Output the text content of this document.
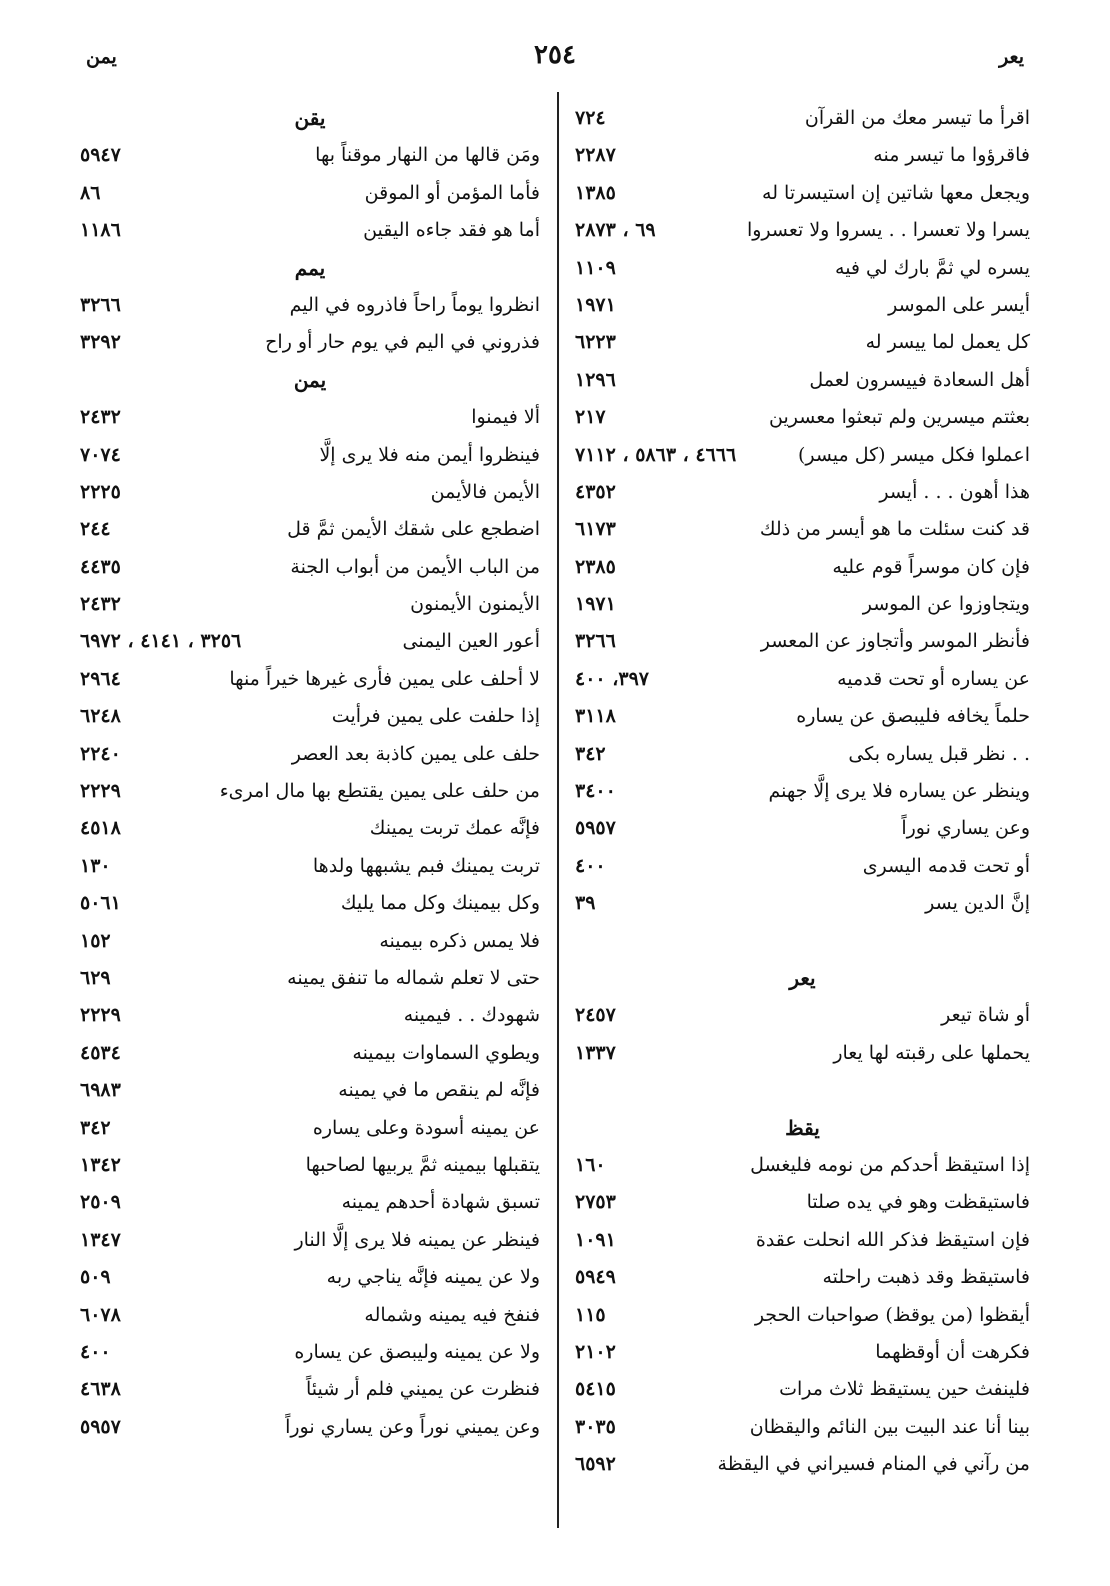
يمن	٢٥٤	يعر
اقرأ ما تيسر معك من القرآن
٧٢٤
فاقرؤوا ما تيسر منه
٢٢٨٧
ويجعل معها شاتين إن استيسرتا له
١٣٨٥
يسرا ولا تعسرا . . يسروا ولا تعسروا
٦٩ ، ٢٨٧٣
يسره لي ثمَّ بارك لي فيه
١١٠٩
أيسر على الموسر
١٩٧١
كل يعمل لما ييسر له
٦٢٢٣
أهل السعادة فييسرون لعمل
١٢٩٦
بعثتم ميسرين ولم تبعثوا معسرين
٢١٧
اعملوا فكل ميسر (كل ميسر)
٤٦٦٦ ، ٥٨٦٣ ، ٧١١٢
هذا أهون . . . أيسر
٤٣٥٢
قد كنت سئلت ما هو أيسر من ذلك
٦١٧٣
فإن كان موسراً قوم عليه
٢٣٨٥
ويتجاوزوا عن الموسر
١٩٧١
فأنظر الموسر وأتجاوز عن المعسر
٣٢٦٦
عن يساره أو تحت قدميه
٣٩٧، ٤٠٠
حلماً يخافه فليبصق عن يساره
٣١١٨
. . نظر قبل يساره بكى
٣٤٢
وينظر عن يساره فلا يرى إلَّا جهنم
٣٤٠٠
وعن يساري نوراً
٥٩٥٧
أو تحت قدمه اليسرى
٤٠٠
إنَّ الدين يسر
٣٩
يعر
أو شاة تيعر
٢٤٥٧
يحملها على رقبته لها يعار
١٣٣٧
يقظ
إذا استيقظ أحدكم من نومه فليغسل
١٦٠
فاستيقظت وهو في يده صلتا
٢٧٥٣
فإن استيقظ فذكر الله انحلت عقدة
١٠٩١
فاستيقظ وقد ذهبت راحلته
٥٩٤٩
أيقظوا (من يوقظ) صواحبات الحجر
١١٥
فكرهت أن أوقظهما
٢١٠٢
فلينفث حين يستيقظ ثلاث مرات
٥٤١٥
بينا أنا عند البيت بين النائم واليقظان
٣٠٣٥
من رآني في المنام فسيراني في اليقظة
٦٥٩٢
يقن
ومَن قالها من النهار موقناً بها
٥٩٤٧
فأما المؤمن أو الموقن
٨٦
أما هو فقد جاءه اليقين
١١٨٦
يمم
انظروا يوماً راحاً فاذروه في اليم
٣٢٦٦
فذروني في اليم في يوم حار أو راح
٣٢٩٢
يمن
ألا فيمنوا
٢٤٣٢
فينظروا أيمن منه فلا يرى إلَّا
٧٠٧٤
الأيمن فالأيمن
٢٢٢٥
اضطجع على شقك الأيمن ثمَّ قل
٢٤٤
من الباب الأيمن من أبواب الجنة
٤٤٣٥
الأيمنون الأيمنون
٢٤٣٢
أعور العين اليمنى
٣٢٥٦ ، ٤١٤١ ، ٦٩٧٢
لا أحلف على يمين فأرى غيرها خيراً منها
٢٩٦٤
إذا حلفت على يمين فرأيت
٦٢٤٨
حلف على يمين كاذبة بعد العصر
٢٢٤٠
من حلف على يمين يقتطع بها مال امرىء
٢٢٢٩
فإنَّه عمك تربت يمينك
٤٥١٨
تربت يمينك فبم يشبهها ولدها
١٣٠
وكل بيمينك وكل مما يليك
٥٠٦١
فلا يمس ذكره بيمينه
١٥٢
حتى لا تعلم شماله ما تنفق يمينه
٦٢٩
شهودك . . فيمينه
٢٢٢٩
ويطوي السماوات بيمينه
٤٥٣٤
فإنَّه لم ينقص ما في يمينه
٦٩٨٣
عن يمينه أسودة وعلى يساره
٣٤٢
يتقبلها بيمينه ثمَّ يربيها لصاحبها
١٣٤٢
تسبق شهادة أحدهم يمينه
٢٥٠٩
فينظر عن يمينه فلا يرى إلَّا النار
١٣٤٧
ولا عن يمينه فإنَّه يناجي ربه
٥٠٩
فنفخ فيه يمينه وشماله
٦٠٧٨
ولا عن يمينه وليبصق عن يساره
٤٠٠
فنظرت عن يميني فلم أر شيئاً
٤٦٣٨
وعن يميني نوراً وعن يساري نوراً
٥٩٥٧
